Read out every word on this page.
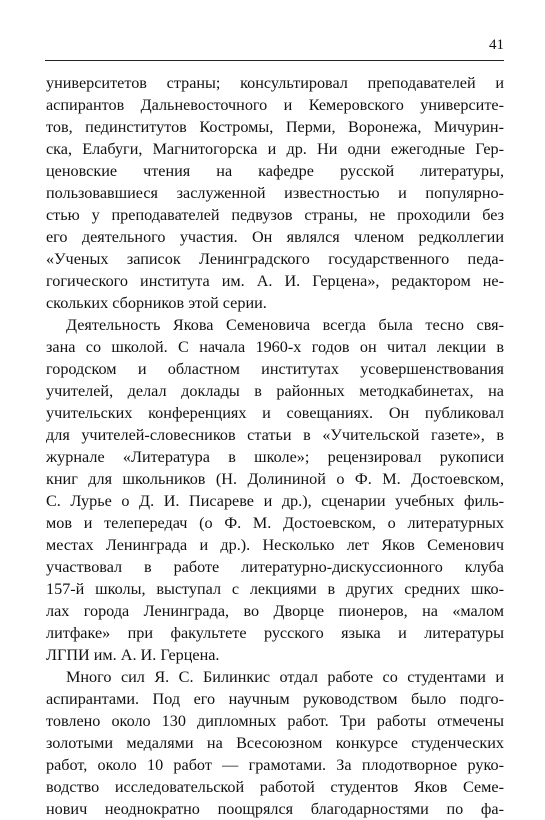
41
университетов страны; консультировал преподавателей и
аспирантов Дальневосточного и Кемеровского университе-
тов, пединститутов Костромы, Перми, Воронежа, Мичурин-
ска, Елабуги, Магнитогорска и др. Ни одни ежегодные Гер-
ценовские чтения на кафедре русской литературы,
пользовавшиеся заслуженной известностью и популярно-
стью у преподавателей педвузов страны, не проходили без
его деятельного участия. Он являлся членом редколлегии
«Ученых записок Ленинградского государственного педа-
гогического института им. А. И. Герцена», редактором не-
скольких сборников этой серии.
Деятельность Якова Семеновича всегда была тесно свя-
зана со школой. С начала 1960-х годов он читал лекции в
городском и областном институтах усовершенствования
учителей, делал доклады в районных методкабинетах, на
учительских конференциях и совещаниях. Он публиковал
для учителей-словесников статьи в «Учительской газете», в
журнале «Литература в школе»; рецензировал рукописи
книг для школьников (Н. Долининой о Ф. М. Достоевском,
С. Лурье о Д. И. Писареве и др.), сценарии учебных филь-
мов и телепередач (о Ф. М. Достоевском, о литературных
местах Ленинграда и др.). Несколько лет Яков Семенович
участвовал в работе литературно-дискуссионного клуба
157-й школы, выступал с лекциями в других средних шко-
лах города Ленинграда, во Дворце пионеров, на «малом
литфаке» при факультете русского языка и литературы
ЛГПИ им. А. И. Герцена.
Много сил Я. С. Билинкис отдал работе со студентами и
аспирантами. Под его научным руководством было подго-
товлено около 130 дипломных работ. Три работы отмечены
золотыми медалями на Всесоюзном конкурсе студенческих
работ, около 10 работ — грамотами. За плодотворное руко-
водство исследовательской работой студентов Яков Семе-
нович неоднократно поощрялся благодарностями по фа-
